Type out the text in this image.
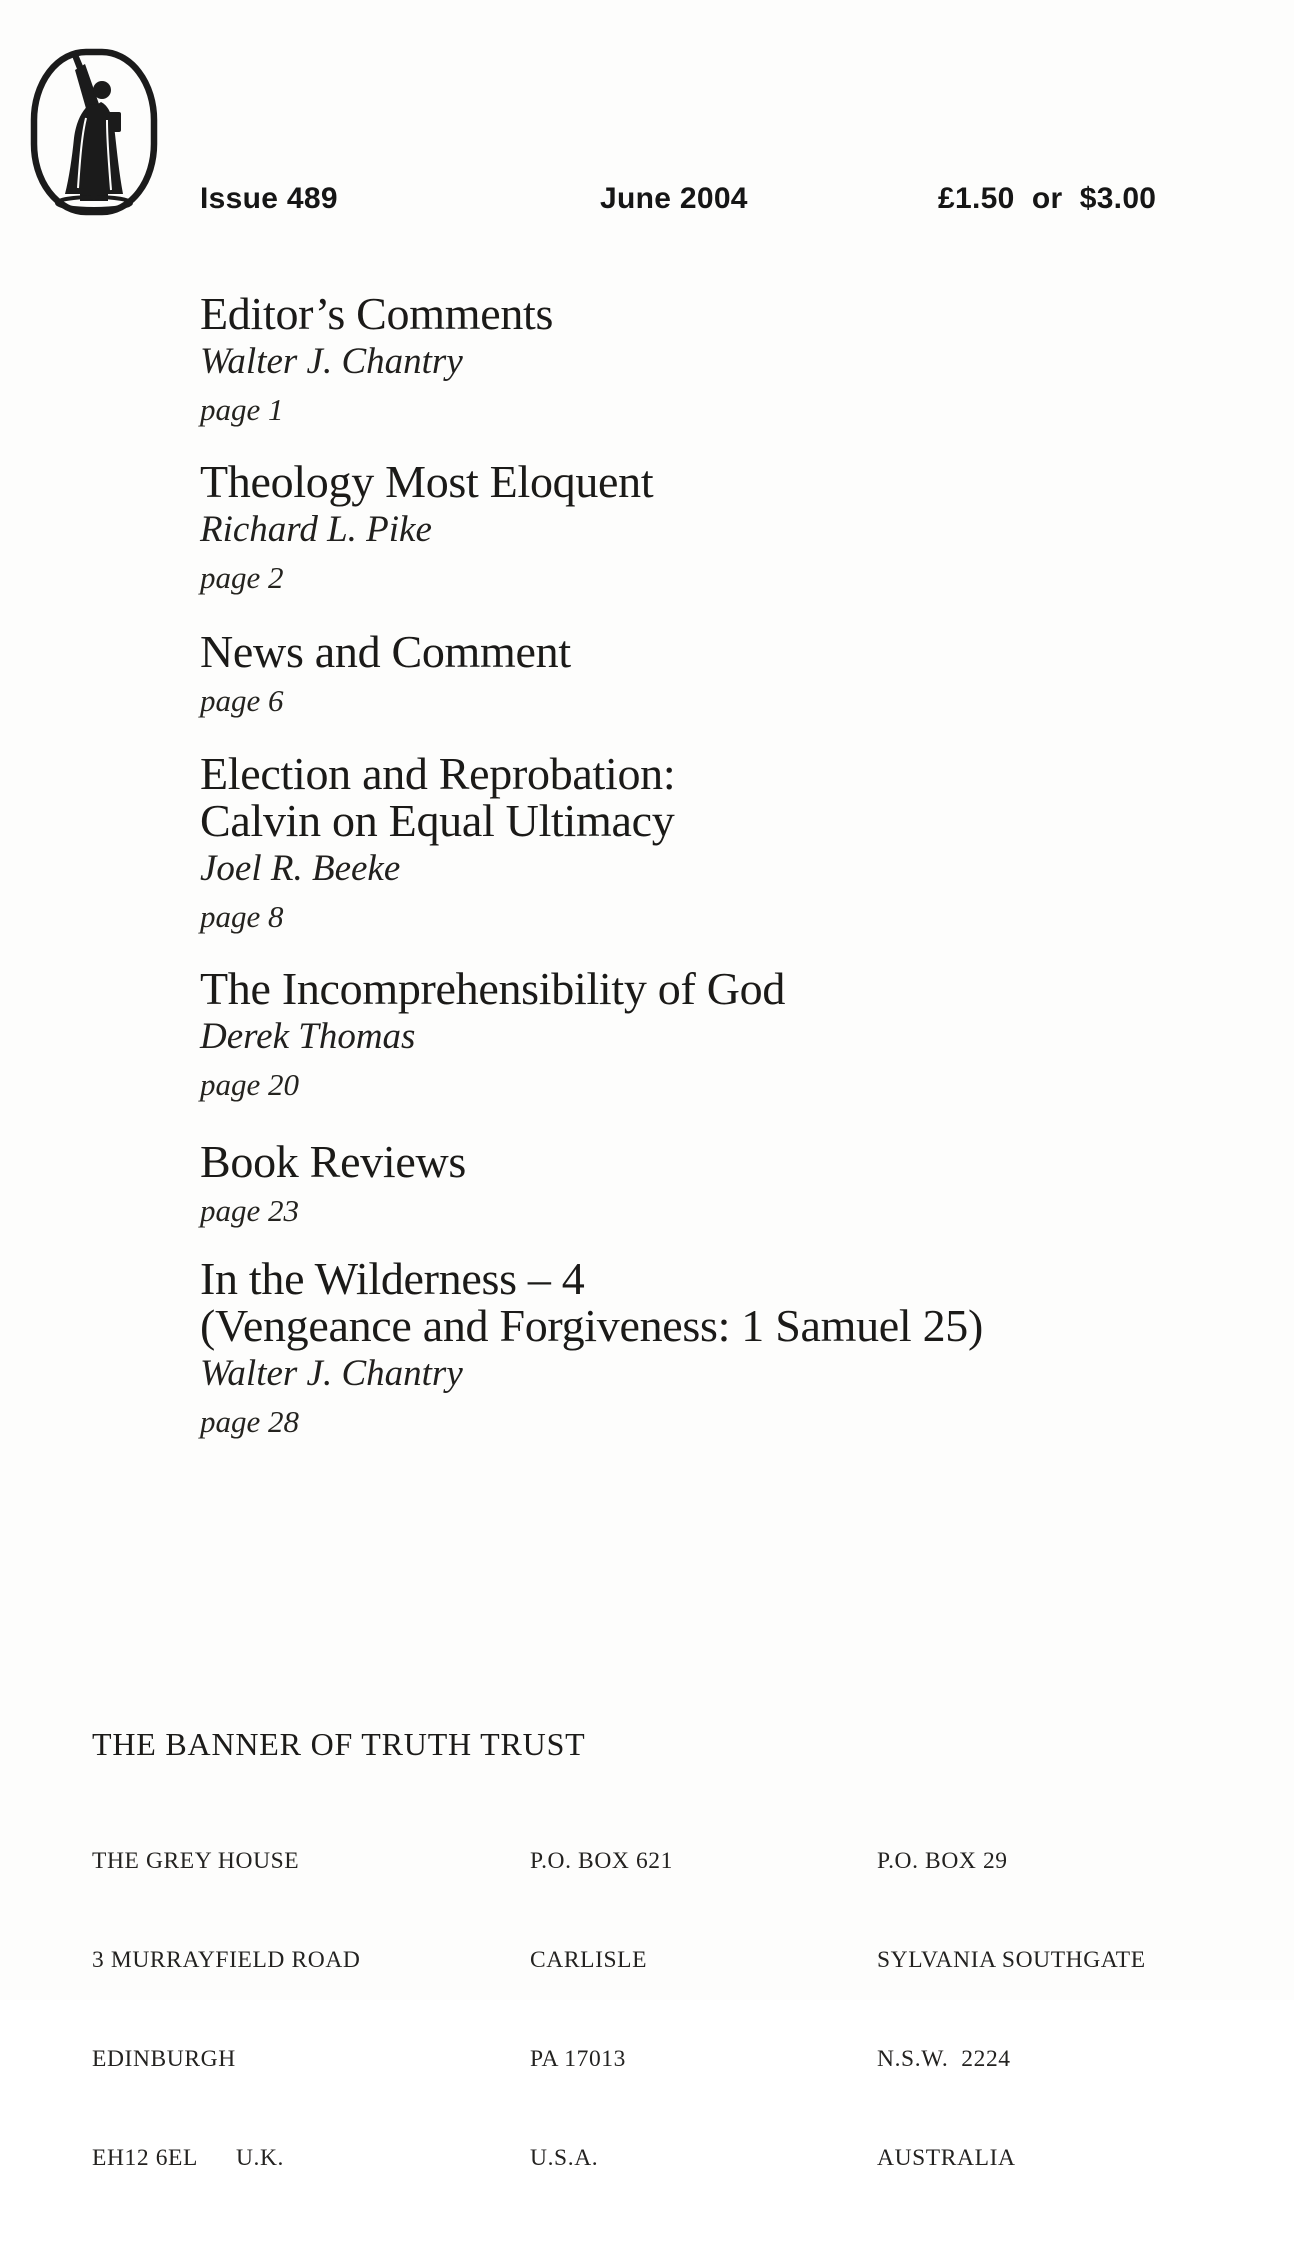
Issue 489	June 2004	£1.50  or  $3.00
Editor’s Comments
Walter J. Chantry
page 1
Theology Most Eloquent
Richard L. Pike
page 2
News and Comment
page 6
Election and Reprobation:
Calvin on Equal Ultimacy
Joel R. Beeke
page 8
The Incomprehensibility of God
Derek Thomas
page 20
Book Reviews
page 23
In the Wilderness – 4
(Vengeance and Forgiveness: 1 Samuel 25)
Walter J. Chantry
page 28
THE BANNER OF TRUTH TRUST

THE GREY HOUSE

3 MURRAYFIELD ROAD

EDINBURGH

EH12 6EL      U.K.

P.O. BOX 621

CARLISLE

PA 17013

U.S.A.

P.O. BOX 29

SYLVANIA SOUTHGATE

N.S.W.  2224

AUSTRALIA
